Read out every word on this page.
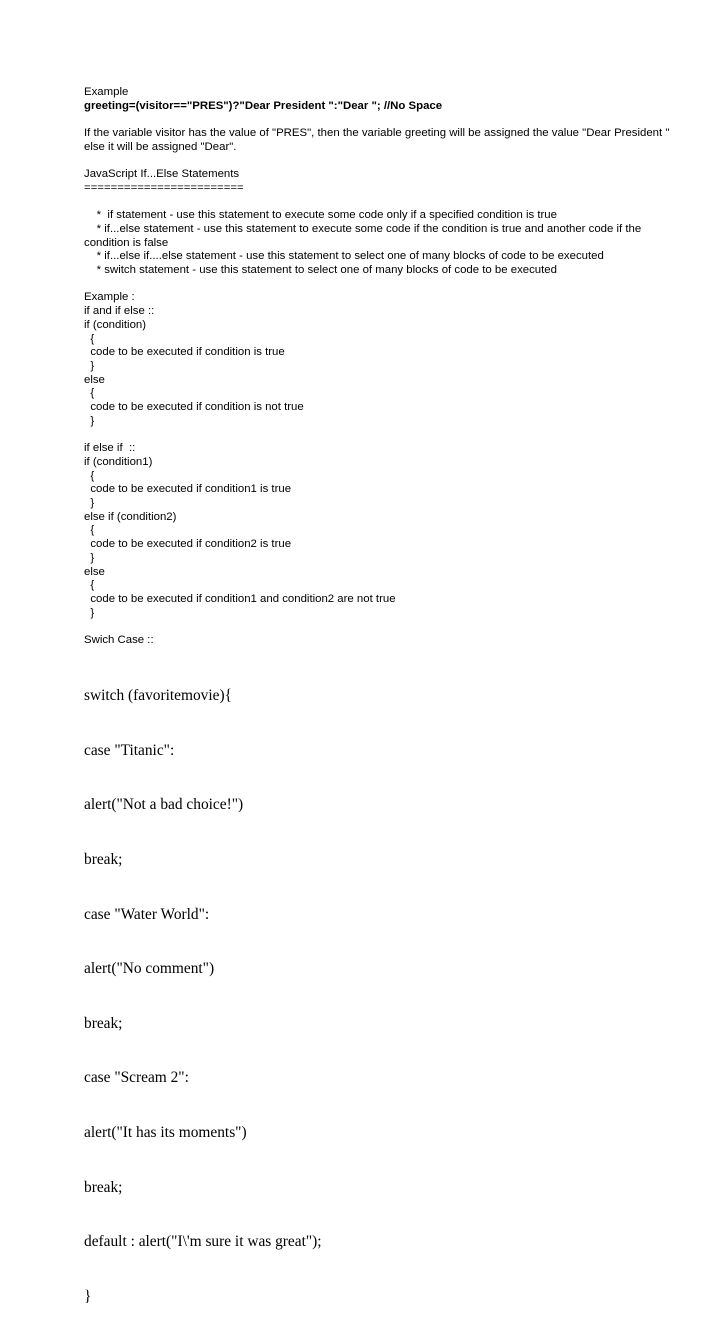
Example
greeting=(visitor=="PRES")?"Dear President ":"Dear "; //No Space
If the variable visitor has the value of "PRES", then the variable greeting will be assigned the value "Dear President " else it will be assigned "Dear".
JavaScript If...Else Statements
========================
*  if statement - use this statement to execute some code only if a specified condition is true
* if...else statement - use this statement to execute some code if the condition is true and another code if the condition is false
* if...else if....else statement - use this statement to select one of many blocks of code to be executed
* switch statement - use this statement to select one of many blocks of code to be executed
Example :
if and if else ::
if (condition)
{
code to be executed if condition is true
}
else
{
code to be executed if condition is not true
}
if else if  ::
if (condition1)
{
code to be executed if condition1 is true
}
else if (condition2)
{
code to be executed if condition2 is true
}
else
{
code to be executed if condition1 and condition2 are not true
}
Swich Case ::

switch (favoritemovie){

case "Titanic":

alert("Not a bad choice!")

break;

case "Water World":

alert("No comment")

break;

case "Scream 2":

alert("It has its moments")

break;

default : alert("I\'m sure it was great");

}
